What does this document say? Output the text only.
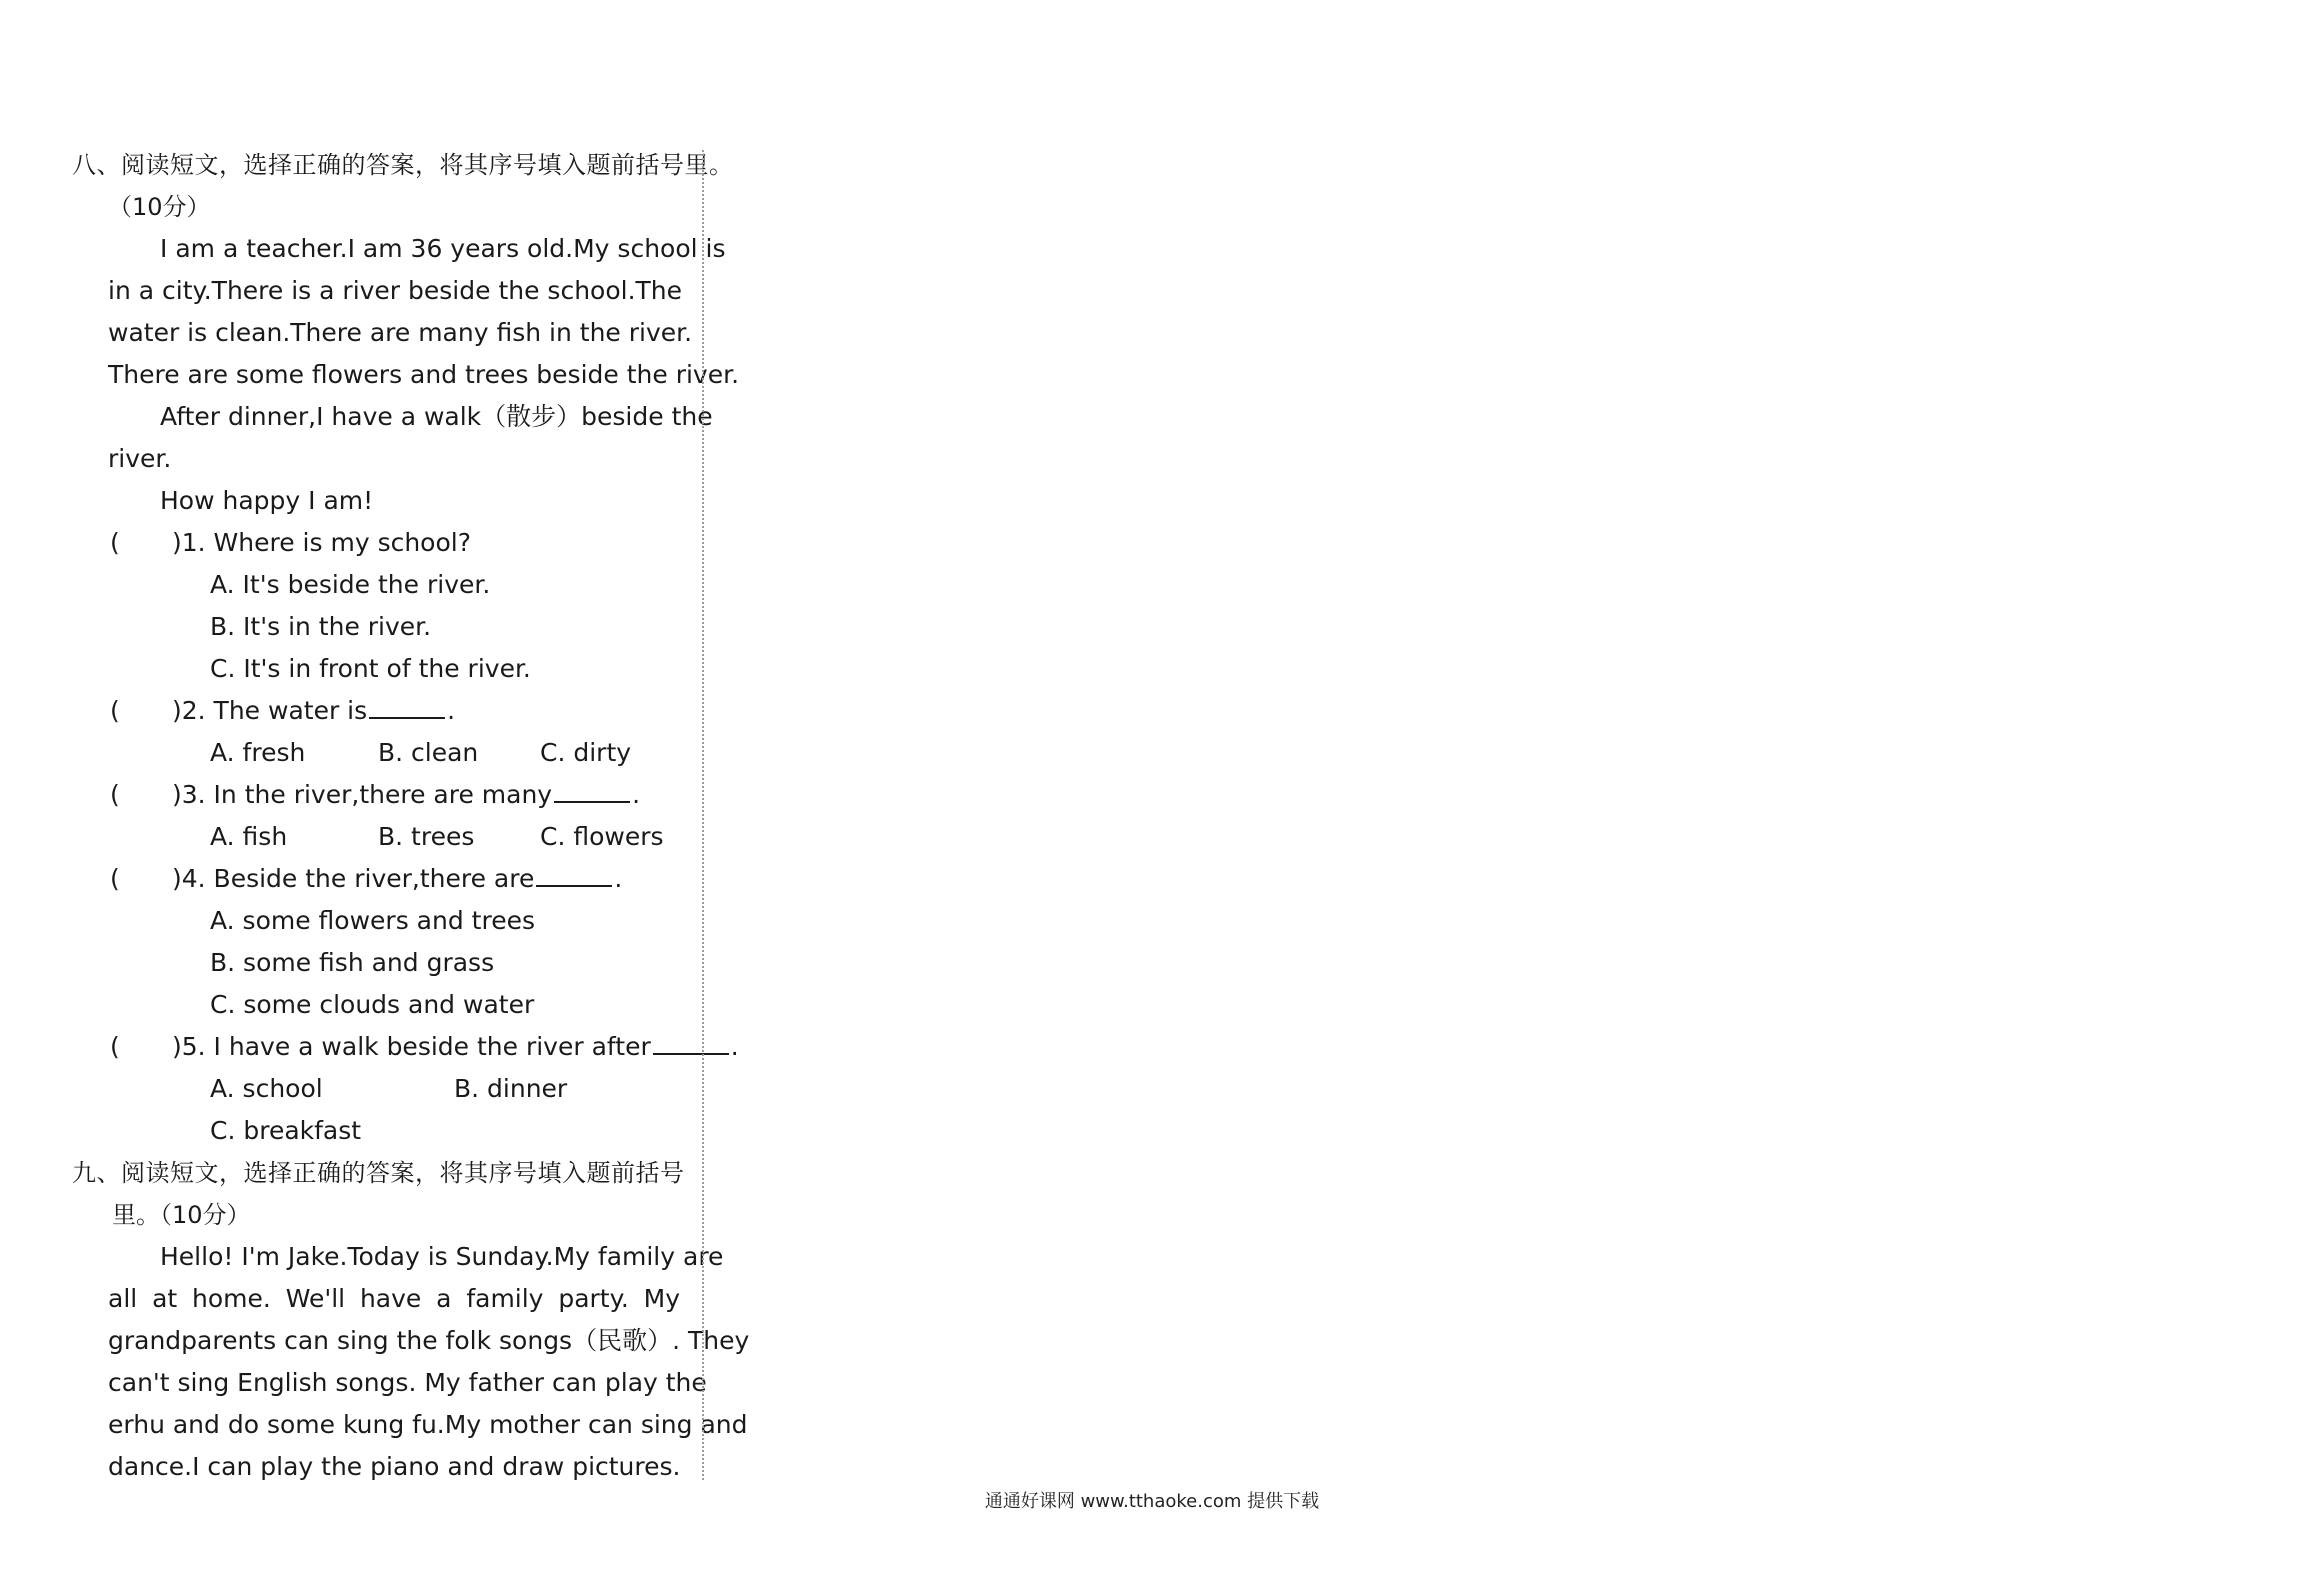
八、阅读短文，选择正确的答案，将其序号填入题前括号里。
（10分）
I am a teacher.I am 36 years old.My school is
in a city.There is a river beside the school.The
water is clean.There are many fish in the river.
There are some flowers and trees beside the river.
After dinner,I have a walk（散步）beside the
river.
How happy I am!
( )1. Where is my school?
A. It's beside the river.
B. It's in the river.
C. It's in front of the river.
( )2. The water is	.
A. fresh	B. clean C. dirty
( )3. In the river,there are many	.
A. fish	B. trees	C. flowers
( )4. Beside the river,there are	.
A. some flowers and trees
B. some fish and grass
C. some clouds and water
( )5. I have a walk beside the river after	.
A. school	B. dinner
C. breakfast
九、阅读短文，选择正确的答案，将其序号填入题前括号
里。（10分）
Hello! I'm Jake.Today is Sunday.My family are
all at home. We'll have a family party. My
grandparents can sing the folk songs（民歌）. They
can't sing English songs. My father can play the
erhu and do some kung fu.My mother can sing and
dance.I can play the piano and draw pictures.
通通好课网 www.tthaoke.com 提供下载
